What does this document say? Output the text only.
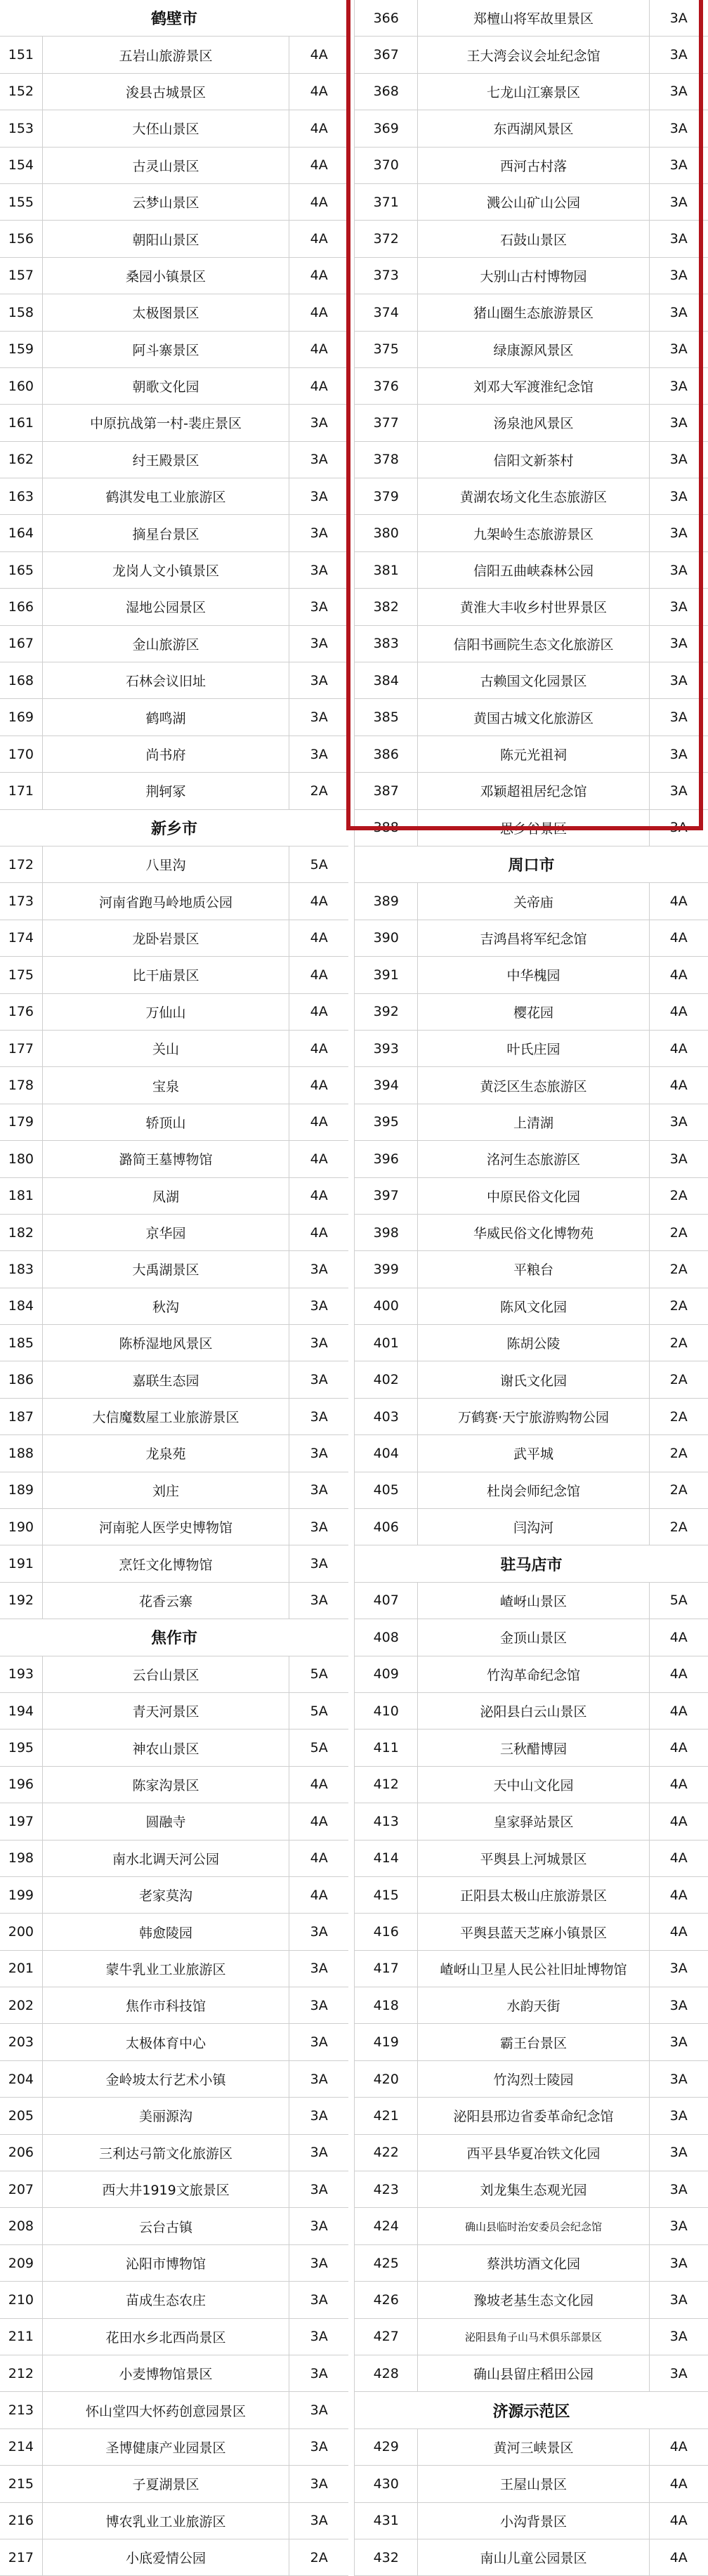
鹤壁市
151	五岩山旅游景区	4A
152	浚县古城景区	4A
153	大伾山景区	4A
154	古灵山景区	4A
155	云梦山景区	4A
156	朝阳山景区	4A
157	桑园小镇景区	4A
158	太极图景区	4A
159	阿斗寨景区	4A
160	朝歌文化园	4A
161	中原抗战第一村-裴庄景区	3A
162	纣王殿景区	3A
163	鹤淇发电工业旅游区	3A
164	摘星台景区	3A
165	龙岗人文小镇景区	3A
166	湿地公园景区	3A
167	金山旅游区	3A
168	石林会议旧址	3A
169	鹤鸣湖	3A
170	尚书府	3A
171	荆轲冢	2A
新乡市
172	八里沟	5A
173	河南省跑马岭地质公园	4A
174	龙卧岩景区	4A
175	比干庙景区	4A
176	万仙山	4A
177	关山	4A
178	宝泉	4A
179	轿顶山	4A
180	潞简王墓博物馆	4A
181	凤湖	4A
182	京华园	4A
183	大禹湖景区	3A
184	秋沟	3A
185	陈桥湿地风景区	3A
186	嘉联生态园	3A
187	大信魔数屋工业旅游景区	3A
188	龙泉苑	3A
189	刘庄	3A
190	河南驼人医学史博物馆	3A
191	烹饪文化博物馆	3A
192	花香云寨	3A
焦作市
193	云台山景区	5A
194	青天河景区	5A
195	神农山景区	5A
196	陈家沟景区	4A
197	圆融寺	4A
198	南水北调天河公园	4A
199	老家莫沟	4A
200	韩愈陵园	3A
201	蒙牛乳业工业旅游区	3A
202	焦作市科技馆	3A
203	太极体育中心	3A
204	金岭坡太行艺术小镇	3A
205	美丽源沟	3A
206	三利达弓箭文化旅游区	3A
207	西大井1919文旅景区	3A
208	云台古镇	3A
209	沁阳市博物馆	3A
210	苗成生态农庄	3A
211	花田水乡北西尚景区	3A
212	小麦博物馆景区	3A
213	怀山堂四大怀药创意园景区	3A
214	圣博健康产业园景区	3A
215	子夏湖景区	3A
216	博农乳业工业旅游区	3A
217	小底爱情公园	2A
366	郑檀山将军故里景区	3A
367	王大湾会议会址纪念馆	3A
368	七龙山江寨景区	3A
369	东西湖风景区	3A
370	西河古村落	3A
371	溅公山矿山公园	3A
372	石鼓山景区	3A
373	大别山古村博物园	3A
374	猪山圈生态旅游景区	3A
375	绿康源风景区	3A
376	刘邓大军渡淮纪念馆	3A
377	汤泉池风景区	3A
378	信阳文新茶村	3A
379	黄湖农场文化生态旅游区	3A
380	九架岭生态旅游景区	3A
381	信阳五曲峡森林公园	3A
382	黄淮大丰收乡村世界景区	3A
383	信阳书画院生态文化旅游区	3A
384	古赖国文化园景区	3A
385	黄国古城文化旅游区	3A
386	陈元光祖祠	3A
387	邓颖超祖居纪念馆	3A
388	思乡谷景区	3A
周口市
389	关帝庙	4A
390	吉鸿昌将军纪念馆	4A
391	中华槐园	4A
392	樱花园	4A
393	叶氏庄园	4A
394	黄泛区生态旅游区	4A
395	上清湖	3A
396	洺河生态旅游区	3A
397	中原民俗文化园	2A
398	华威民俗文化博物苑	2A
399	平粮台	2A
400	陈风文化园	2A
401	陈胡公陵	2A
402	谢氏文化园	2A
403	万鹤赛·天宁旅游购物公园	2A
404	武平城	2A
405	杜岗会师纪念馆	2A
406	闫沟河	2A
驻马店市
407	嵖岈山景区	5A
408	金顶山景区	4A
409	竹沟革命纪念馆	4A
410	泌阳县白云山景区	4A
411	三秋醋博园	4A
412	天中山文化园	4A
413	皇家驿站景区	4A
414	平舆县上河城景区	4A
415	正阳县太极山庄旅游景区	4A
416	平舆县蓝天芝麻小镇景区	4A
417	嵖岈山卫星人民公社旧址博物馆	3A
418	水韵天街	3A
419	霸王台景区	3A
420	竹沟烈士陵园	3A
421	泌阳县邢边省委革命纪念馆	3A
422	西平县华夏冶铁文化园	3A
423	刘龙集生态观光园	3A
424	确山县临时治安委员会纪念馆	3A
425	蔡洪坊酒文化园	3A
426	豫坡老基生态文化园	3A
427	泌阳县角子山马术俱乐部景区	3A
428	确山县留庄稻田公园	3A
济源示范区
429	黄河三峡景区	4A
430	王屋山景区	4A
431	小沟背景区	4A
432	南山儿童公园景区	4A
